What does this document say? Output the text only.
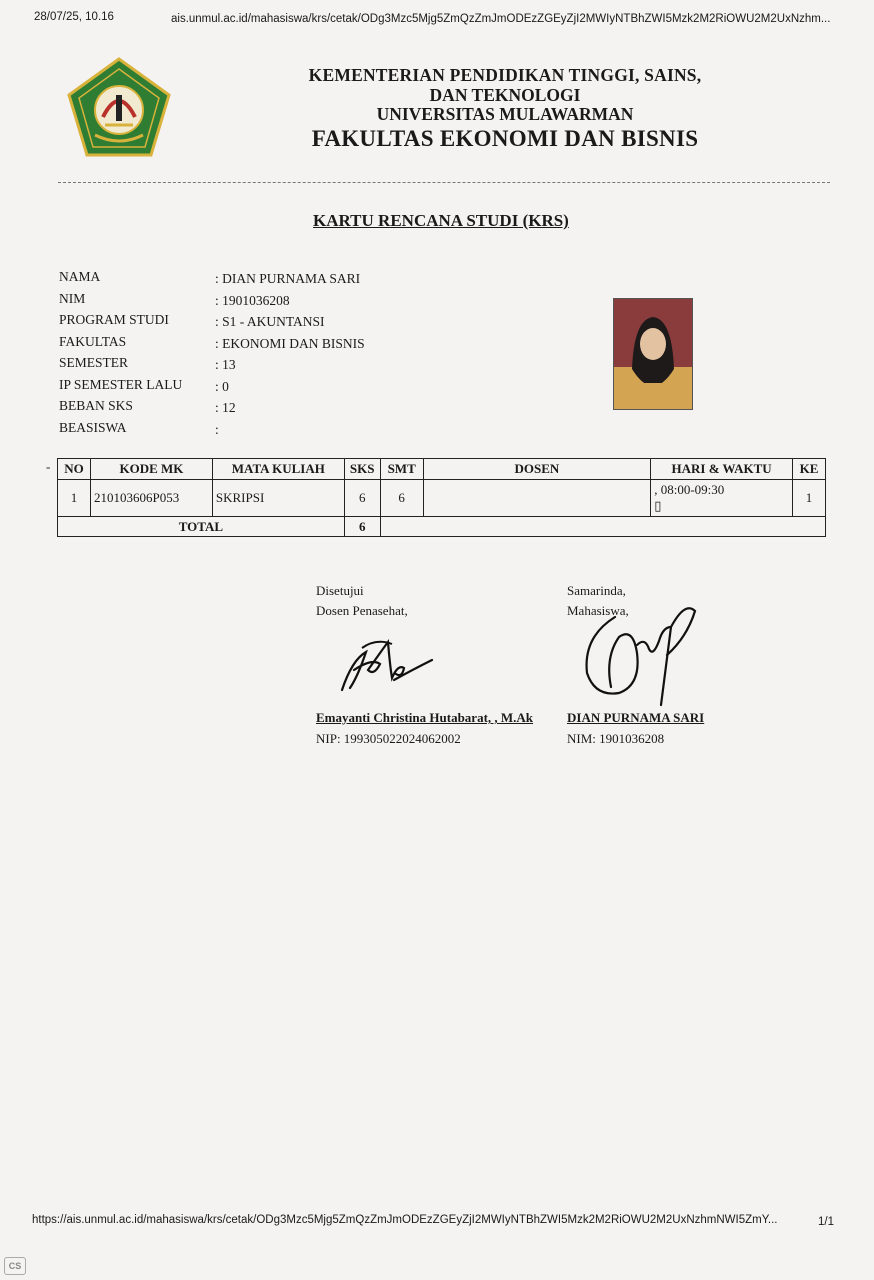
28/07/25, 10.16	ais.unmul.ac.id/mahasiswa/krs/cetak/ODg3Mzc5Mjg5ZmQzZmJmODEzZGEyZjI2MWIyNTBhZWI5Mzk2M2RiOWU2M2UxNzhm...
KEMENTERIAN PENDIDIKAN TINGGI, SAINS,
DAN TEKNOLOGI
UNIVERSITAS MULAWARMAN
FAKULTAS EKONOMI DAN BISNIS
KARTU RENCANA STUDI (KRS)
NAMA	: DIAN PURNAMA SARI
NIM	: 1901036208
PROGRAM STUDI	: S1 - AKUNTANSI
FAKULTAS	: EKONOMI DAN BISNIS
SEMESTER	: 13
IP SEMESTER LALU : 0
BEBAN SKS	: 12
BEASISWA	:
- NO	KODE MK	MATA KULIAH	SKS	SMT	DOSEN	HARI & WAKTU	KE
1	210103606P053	SKRIPSI	6	6		, 08:00-09:30
▯	1
TOTAL			6				
Disetujui
Dosen Penasehat,
Samarinda,
Mahasiswa,
Emayanti Christina Hutabarat, , M.Ak
NIP: 199305022024062002
DIAN PURNAMA SARI
NIM: 1901036208
https://ais.unmul.ac.id/mahasiswa/krs/cetak/ODg3Mzc5Mjg5ZmQzZmJmODEzZGEyZjI2MWIyNTBhZWI5Mzk2M2RiOWU2M2UxNzhmNWI5ZmY...	1/1
CS
